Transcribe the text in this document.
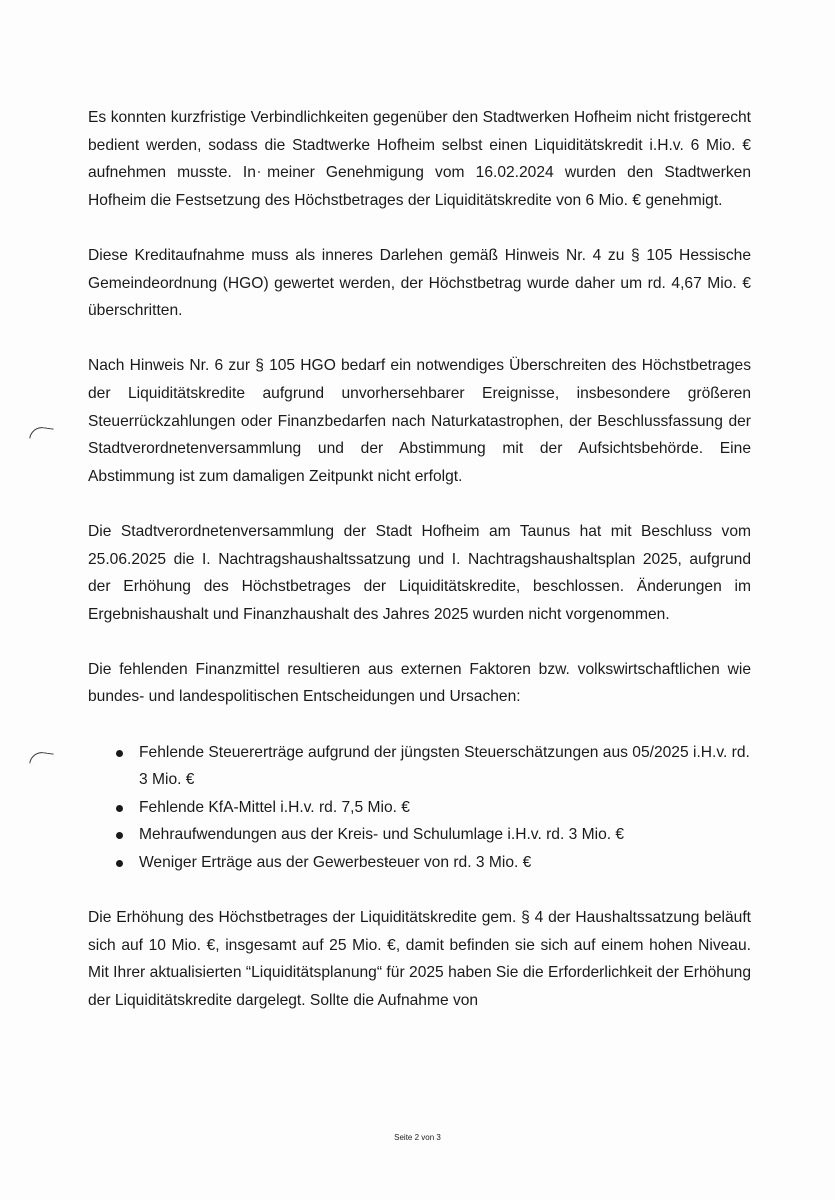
Es konnten kurzfristige Verbindlichkeiten gegenüber den Stadtwerken Hofheim nicht fristgerecht bedient werden, sodass die Stadtwerke Hofheim selbst einen Liquiditätskredit i.H.v. 6 Mio. € aufnehmen musste. In meiner Genehmigung vom 16.02.2024 wurden den Stadtwerken Hofheim die Festsetzung des Höchstbetrages der Liquiditätskredite von 6 Mio. € genehmigt.

Diese Kreditaufnahme muss als inneres Darlehen gemäß Hinweis Nr. 4 zu § 105 Hessische Gemeindeordnung (HGO) gewertet werden, der Höchstbetrag wurde daher um rd. 4,67 Mio. € überschritten.

Nach Hinweis Nr. 6 zur § 105 HGO bedarf ein notwendiges Überschreiten des Höchstbetrages der Liquiditätskredite aufgrund unvorhersehbarer Ereignisse, insbesondere größeren Steuerrückzahlungen oder Finanzbedarfen nach Naturkatastrophen, der Beschlussfassung der Stadtverordnetenversammlung und der Abstimmung mit der Aufsichtsbehörde. Eine Abstimmung ist zum damaligen Zeitpunkt nicht erfolgt.

Die Stadtverordnetenversammlung der Stadt Hofheim am Taunus hat mit Beschluss vom 25.06.2025 die I. Nachtragshaushaltssatzung und I. Nachtragshaushaltsplan 2025, aufgrund der Erhöhung des Höchstbetrages der Liquiditätskredite, beschlossen. Änderungen im Ergebnishaushalt und Finanzhaushalt des Jahres 2025 wurden nicht vorgenommen.

Die fehlenden Finanzmittel resultieren aus externen Faktoren bzw. volkswirtschaftlichen wie bundes- und landespolitischen Entscheidungen und Ursachen:

Fehlende Steuererträge aufgrund der jüngsten Steuerschätzungen aus 05/2025 i.H.v. rd. 3 Mio. €
Fehlende KfA-Mittel i.H.v. rd. 7,5 Mio. €
Mehraufwendungen aus der Kreis- und Schulumlage i.H.v. rd. 3 Mio. €
Weniger Erträge aus der Gewerbesteuer von rd. 3 Mio. €

Die Erhöhung des Höchstbetrages der Liquiditätskredite gem. § 4 der Haushaltssatzung beläuft sich auf 10 Mio. €, insgesamt auf 25 Mio. €, damit befinden sie sich auf einem hohen Niveau. Mit Ihrer aktualisierten “Liquiditätsplanung“ für 2025 haben Sie die Erforderlichkeit der Erhöhung der Liquiditätskredite dargelegt. Sollte die Aufnahme von

Seite 2 von 3
